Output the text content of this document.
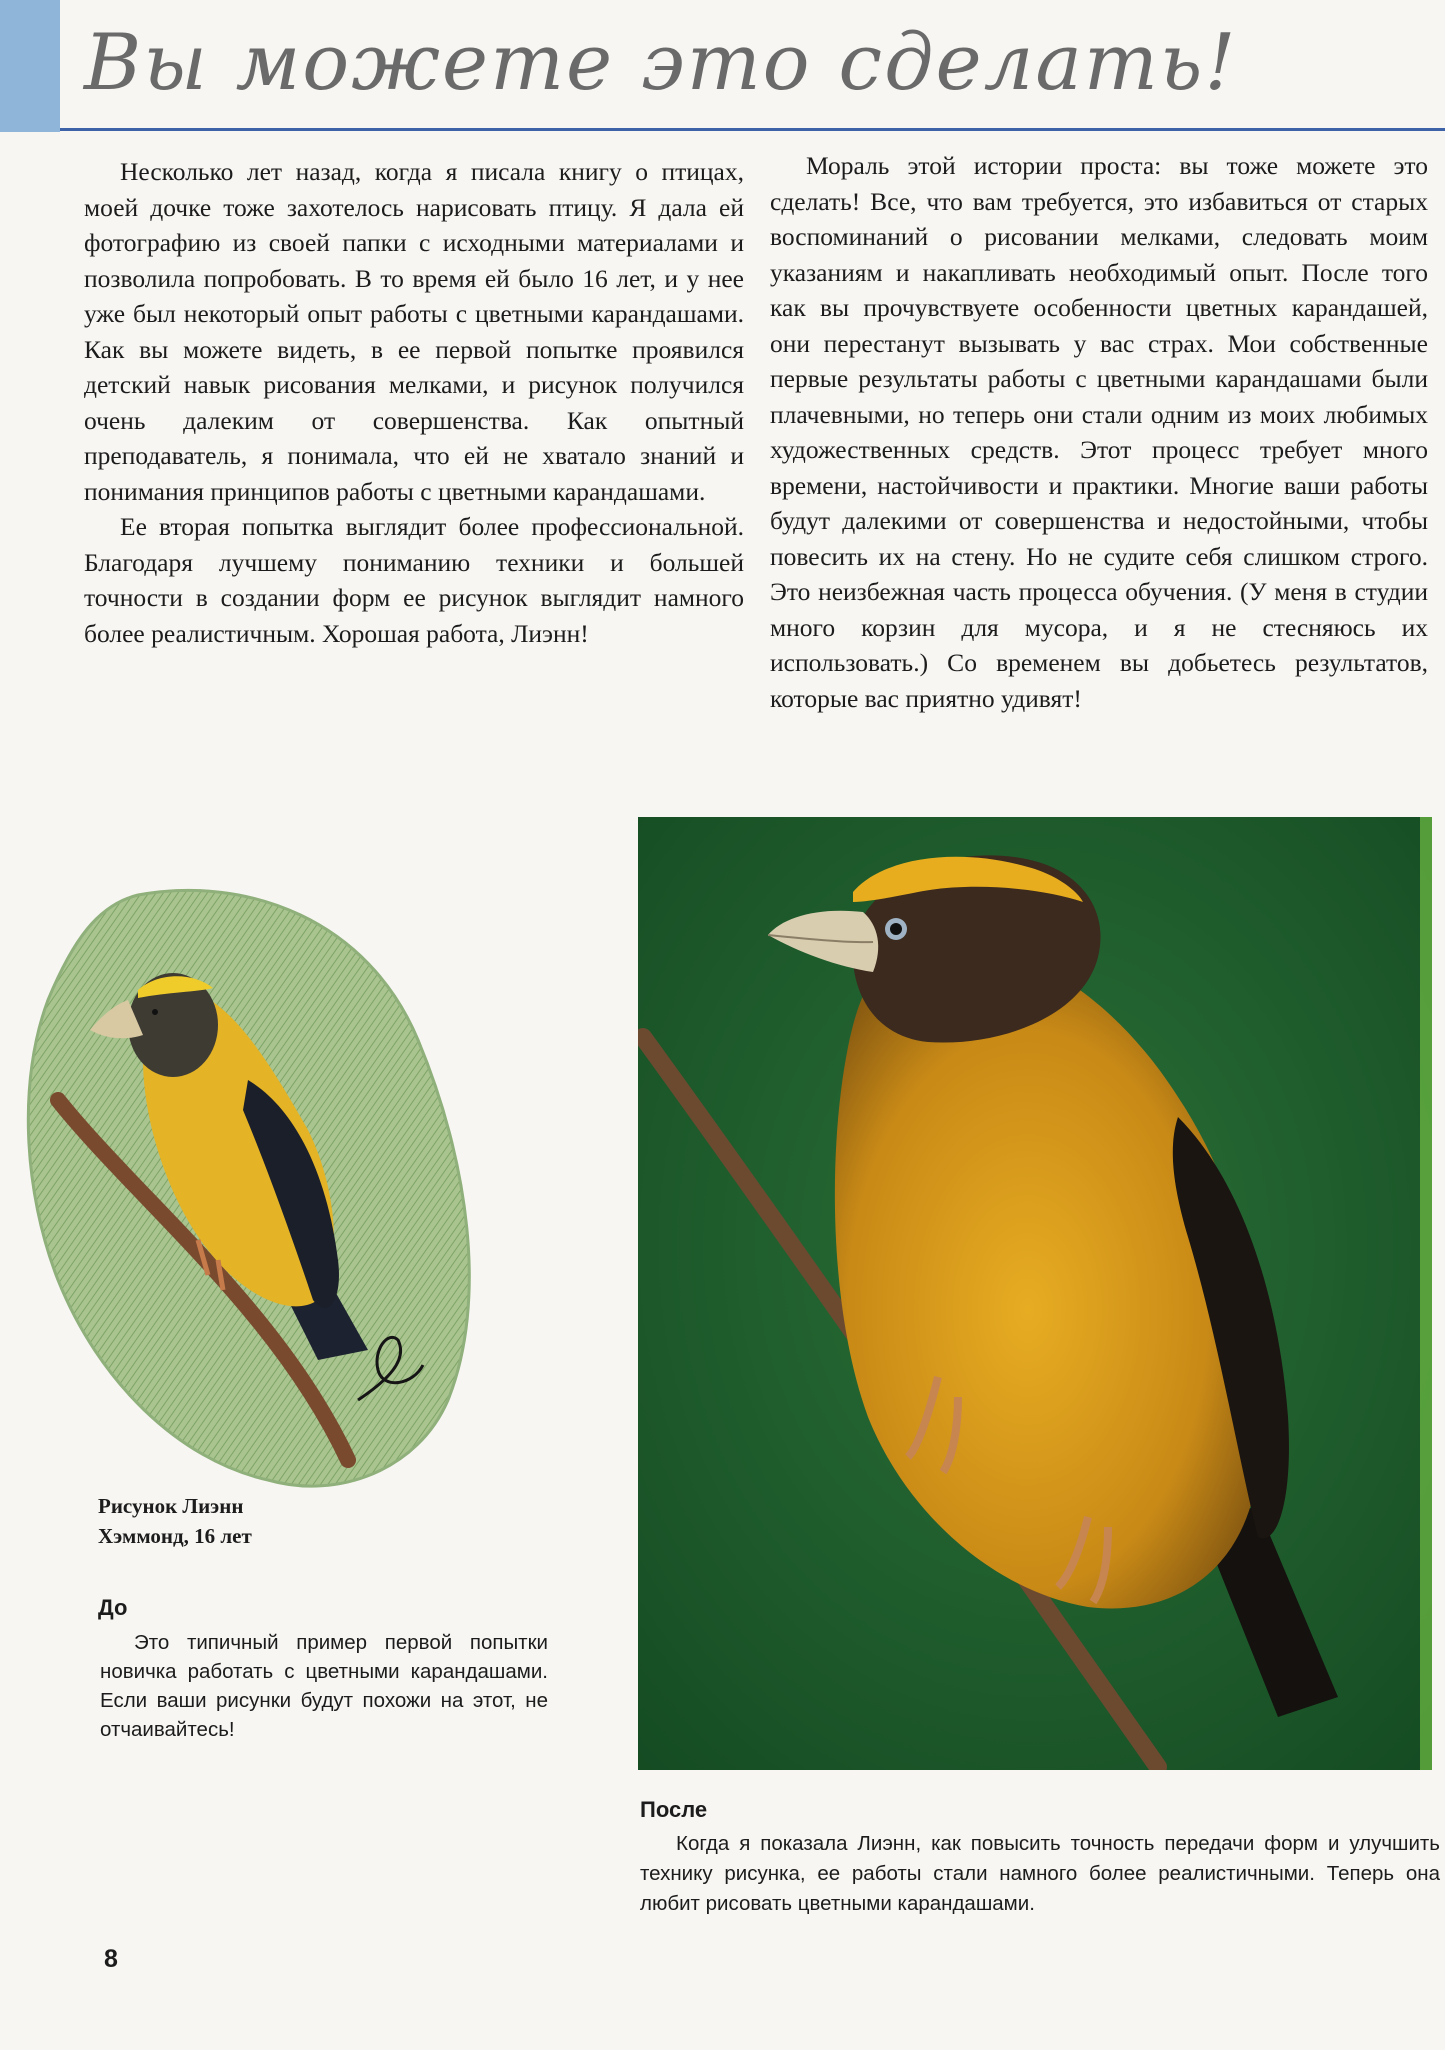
Вы можете это сделать!

Несколько лет назад, когда я писала книгу о птицах, моей дочке тоже захотелось нарисовать птицу. Я дала ей фотографию из своей папки с исходными материалами и позволила попробовать. В то время ей было 16 лет, и у нее уже был некоторый опыт работы с цветными карандашами. Как вы можете видеть, в ее первой попытке проявился детский навык рисования мелками, и рисунок получился очень далеким от совершенства. Как опытный преподаватель, я понимала, что ей не хватало знаний и понимания принципов работы с цветными карандашами.

Ее вторая попытка выглядит более профессиональной. Благодаря лучшему пониманию техники и большей точности в создании форм ее рисунок выглядит намного более реалистичным. Хорошая работа, Лиэнн!

Мораль этой истории проста: вы тоже можете это сделать! Все, что вам требуется, это избавиться от старых воспоминаний о рисовании мелками, следовать моим указаниям и накапливать необходимый опыт. После того как вы прочувствуете особенности цветных карандашей, они перестанут вызывать у вас страх. Мои собственные первые результаты работы с цветными карандашами были плачевными, но теперь они стали одним из моих любимых художественных средств. Этот процесс требует много времени, настойчивости и практики. Многие ваши работы будут далекими от совершенства и недостойными, чтобы повесить их на стену. Но не судите себя слишком строго. Это неизбежная часть процесса обучения. (У меня в студии много корзин для мусора, и я не стесняюсь их использовать.) Со временем вы добьетесь результатов, которые вас приятно удивят!

Рисунок Лиэнн
Хэммонд, 16 лет
До

Это типичный пример первой попытки новичка работать с цветными карандашами. Если ваши рисунки будут похожи на этот, не отчаивайтесь!

После

Когда я показала Лиэнн, как повысить точность передачи форм и улучшить технику рисунка, ее работы стали намного более реалистичными. Теперь она любит рисовать цветными карандашами.

8
